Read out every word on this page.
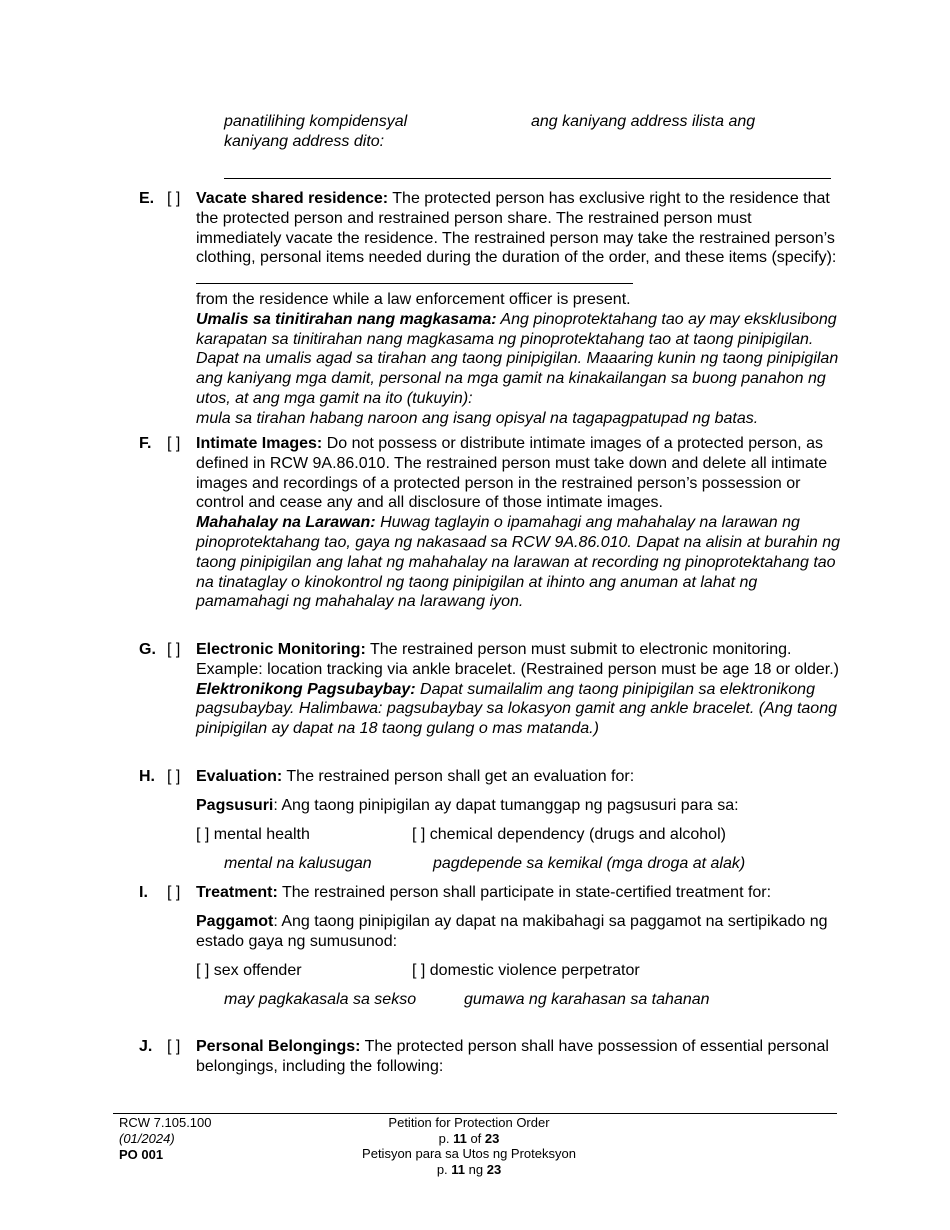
panatilihing kompidensyal	ang kaniyang address ilista ang
kaniyang address dito:
E. [ ] Vacate shared residence: The protected person has exclusive right to the residence that the protected person and restrained person share. The restrained person must immediately vacate the residence. The restrained person may take the restrained person’s clothing, personal items needed during the duration of the order, and these items (specify):
from the residence while a law enforcement officer is present.
Umalis sa tinitirahan nang magkasama: Ang pinoprotektahang tao ay may eksklusibong karapatan sa tinitirahan nang magkasama ng pinoprotektahang tao at taong pinipigilan. Dapat na umalis agad sa tirahan ang taong pinipigilan. Maaaring kunin ng taong pinipigilan ang kaniyang mga damit, personal na mga gamit na kinakailangan sa buong panahon ng utos, at ang mga gamit na ito (tukuyin):
mula sa tirahan habang naroon ang isang opisyal na tagapagpatupad ng batas.
F. [ ] Intimate Images: Do not possess or distribute intimate images of a protected person, as defined in RCW 9A.86.010. The restrained person must take down and delete all intimate images and recordings of a protected person in the restrained person’s possession or control and cease any and all disclosure of those intimate images.
Mahahalay na Larawan: Huwag taglayin o ipamahagi ang mahahalay na larawan ng pinoprotektahang tao, gaya ng nakasaad sa RCW 9A.86.010. Dapat na alisin at burahin ng taong pinipigilan ang lahat ng mahahalay na larawan at recording ng pinoprotektahang tao na tinataglay o kinokontrol ng taong pinipigilan at ihinto ang anuman at lahat ng pamamahagi ng mahahalay na larawang iyon.
G. [ ] Electronic Monitoring: The restrained person must submit to electronic monitoring. Example: location tracking via ankle bracelet. (Restrained person must be age 18 or older.)
Elektronikong Pagsubaybay: Dapat sumailalim ang taong pinipigilan sa elektronikong pagsubaybay. Halimbawa: pagsubaybay sa lokasyon gamit ang ankle bracelet. (Ang taong pinipigilan ay dapat na 18 taong gulang o mas matanda.)
H. [ ] Evaluation: The restrained person shall get an evaluation for:
Pagsusuri: Ang taong pinipigilan ay dapat tumanggap ng pagsusuri para sa:
[ ] mental health	[ ] chemical dependency (drugs and alcohol)
mental na kalusugan	pagdepende sa kemikal (mga droga at alak)
I. [ ] Treatment: The restrained person shall participate in state-certified treatment for:
Paggamot: Ang taong pinipigilan ay dapat na makibahagi sa paggamot na sertipikado ng estado gaya ng sumusunod:
[ ] sex offender	[ ] domestic violence perpetrator
may pagkakasala sa sekso	gumawa ng karahasan sa tahanan
J. [ ] Personal Belongings: The protected person shall have possession of essential personal belongings, including the following:
RCW 7.105.100
(01/2024)
PO 001
Petition for Protection Order
p. 11 of 23
Petisyon para sa Utos ng Proteksyon
p. 11 ng 23
